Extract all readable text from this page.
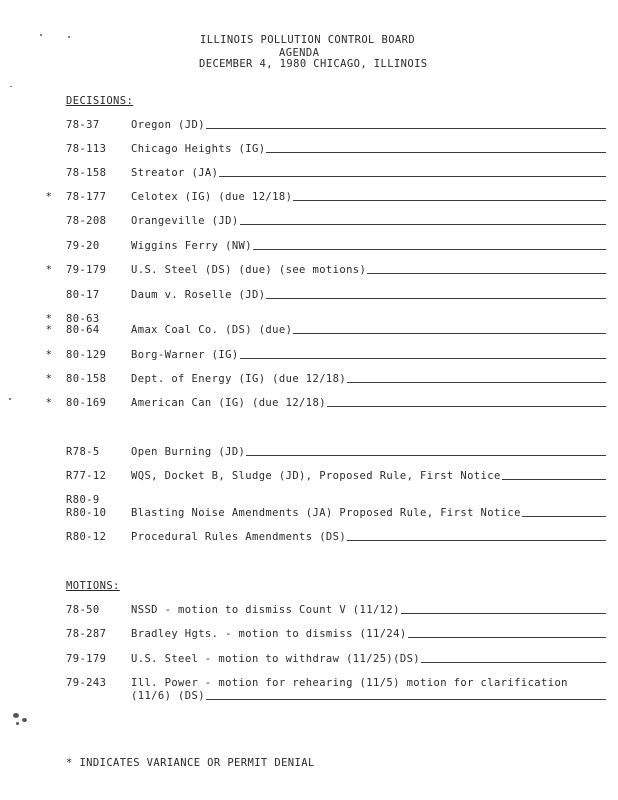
ILLINOIS POLLUTION CONTROL BOARD
AGENDA
DECEMBER 4, 1980 CHICAGO, ILLINOIS
DECISIONS:
78-37	Oregon (JD)
78-113	Chicago Heights (IG)
78-158	Streator (JA)
* 78-177	Celotex (IG) (due 12/18)
78-208	Orangeville (JD)
79-20	Wiggins Ferry (NW)
* 79-179	U.S. Steel (DS) (due) (see motions)
80-17	Daum v. Roselle (JD)
* 80-63
* 80-64	Amax Coal Co. (DS) (due)
* 80-129	Borg-Warner (IG)
* 80-158	Dept. of Energy (IG) (due 12/18)
* 80-169	American Can (IG) (due 12/18)
R78-5	Open Burning (JD)
R77-12	WQS, Docket B, Sludge (JD), Proposed Rule, First Notice
R80-9
R80-10	Blasting Noise Amendments (JA) Proposed Rule, First Notice
R80-12	Procedural Rules Amendments (DS)
MOTIONS:
78-50	NSSD - motion to dismiss Count V (11/12)
78-287	Bradley Hgts. - motion to dismiss (11/24)
79-179	U.S. Steel - motion to withdraw (11/25)(DS)
79-243	Ill. Power - motion for rehearing (11/5) motion for clarification
(11/6) (DS)
* INDICATES VARIANCE OR PERMIT DENIAL
